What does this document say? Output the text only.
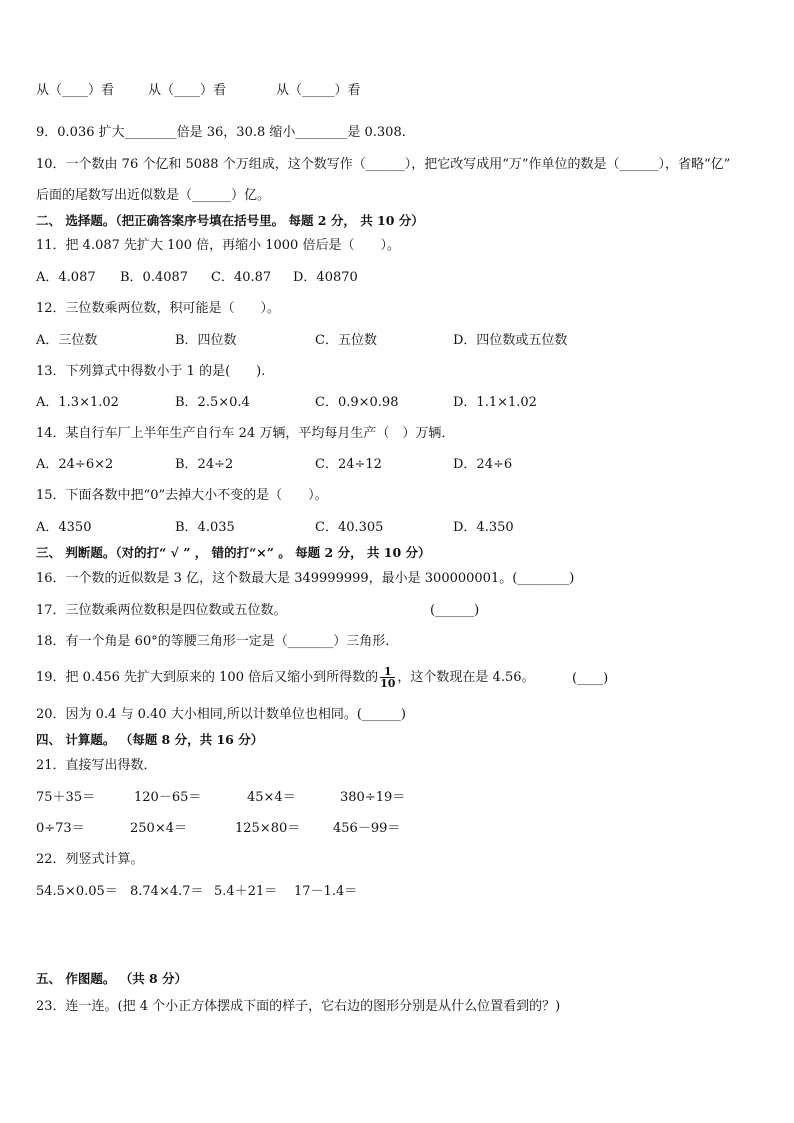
从（____）看	从（____）看	从（_____）看
9．0.036 扩大________倍是 36，30.8 缩小________是 0.308.
10．一个数由 76 个亿和 5088 个万组成，这个数写作（______），把它改写成用“万”作单位的数是（______），省略“亿”
后面的尾数写出近似数是（______）亿。
二、 选择题。（把正确答案序号填在括号里。 每题 2 分， 共 10 分）
11．把 4.087 先扩大 100 倍，再缩小 1000 倍后是（　　）。
A．4.087 B．0.4087 C．40.87 D．40870
12．三位数乘两位数，积可能是（　　）。
A．三位数	B．四位数	C．五位数	D．四位数或五位数
13．下列算式中得数小于 1 的是(　　).
A．1.3×1.02	B．2.5×0.4	C．0.9×0.98	D．1.1×1.02
14．某自行车厂上半年生产自行车 24 万辆，平均每月生产（　）万辆．
A．24÷6×2	B．24÷2	C．24÷12	D．24÷6
15．下面各数中把“0”去掉大小不变的是（　　）。
A．4350	B．4.035	C．40.305	D．4.350
三、 判断题。（对的打“ √ ” ， 错的打“×” 。 每题 2 分， 共 10 分）
16．一个数的近似数是 3 亿，这个数最大是 349999999，最小是 300000001。(________)
17．三位数乘两位数积是四位数或五位数。	(______)
18．有一个角是 60°的等腰三角形一定是（_______）三角形．
19．把 0.456 先扩大到原来的 100 倍后又缩小到所得数的 $\frac{1}{10}$ ，这个数现在是 4.56。	(____)
20．因为 0.4 与 0.40 大小相同,所以计数单位也相同。(______)
四、 计算题。 （每题 8 分，共 16 分）
21．直接写出得数．
75＋35＝	120－65＝	45×4＝	380÷19＝
0÷73＝	250×4＝	125×80＝	456－99＝
22．列竖式计算。
54.5×0.05＝ 8.74×4.7＝ 5.4＋21＝ 17－1.4＝
五、 作图题。 （共 8 分）
23．连一连。(把 4 个小正方体摆成下面的样子，它右边的图形分别是从什么位置看到的？)
